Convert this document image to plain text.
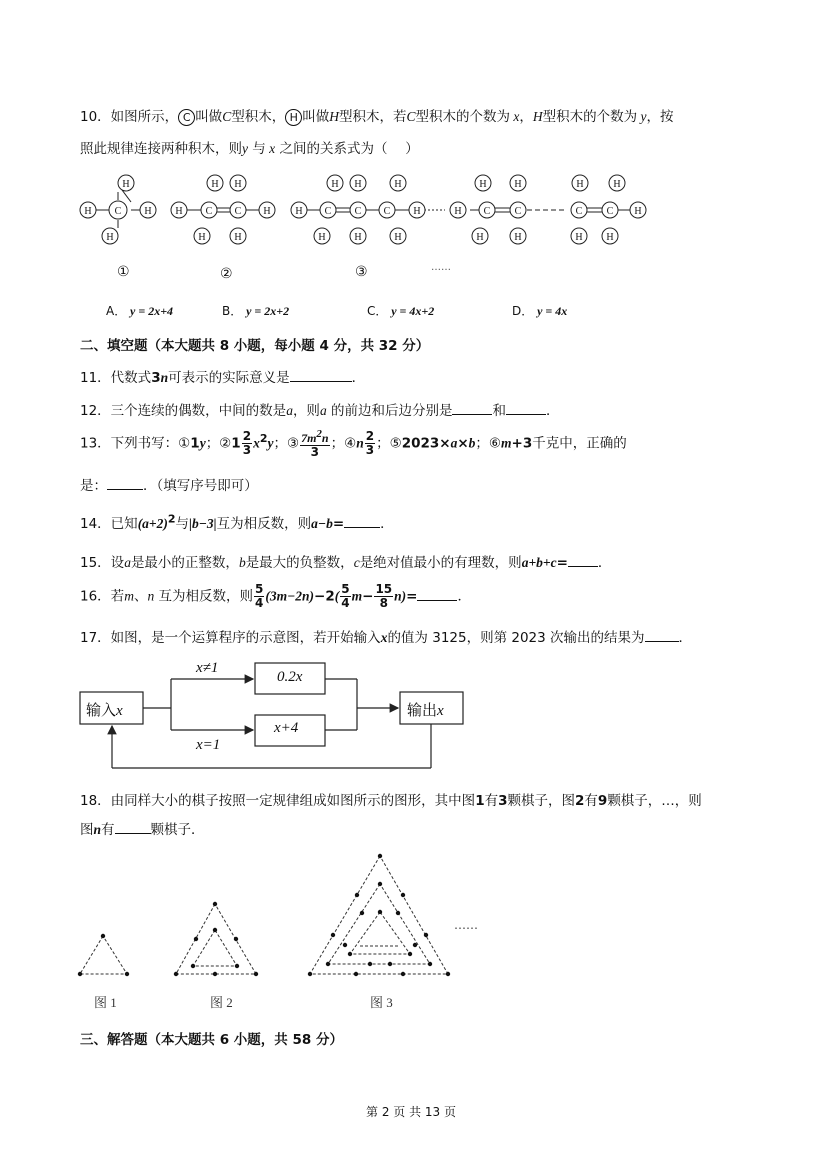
10．如图所示， C 叫做C型积木， H 叫做H型积木，若C型积木的个数为 x，H型积木的个数为 y，按
照此规律连接两种积木，则y 与 x 之间的关系式为（　 ）
H C H
H
H
H C C H
H H
H	H
H C C C H
H H	H
H	H	H
H C C	C C H
H	H	H	H
H	H	H H
①	②	③	……
A． y = 2x+4	B． y = 2x+2	C． y = 4x+2	D． y = 4x
二、填空题（本大题共 8 小题，每小题 4 分，共 32 分）
11．代数式3n可表示的实际意义是	．
12．三个连续的偶数，中间的数是a，则a 的前边和后边分别是	和	．
13．下列书写：①1y；②1 $\frac{2}{3} x^2y$；③ $\frac{7m^2n}{3}$ ；④n $\frac{2}{3}$ ；⑤2023×a×b；⑥m+3千克中，正确的
是：	．（填写序号即可）
14．已知$(a+2)^2$与|b−3|互为相反数，则a−b=	．
15．设a是最小的正整数，b是最大的负整数，c是绝对值最小的有理数，则a+b+c= ．
16．若m、n 互为相反数，则 $\frac{5}{4} (3m-2n)-2( \frac{5}{4} m- \frac{15}{8} n)=$	．
17．如图，是一个运算程序的示意图，若开始输入x的值为 3125，则第 2023 次输出的结果为	．
输入x
0.2x
x+4
输出x
x≠1
x=1
18．由同样大小的棋子按照一定规律组成如图所示的图形，其中图1有3颗棋子，图2有9颗棋子，…，则
图n有	颗棋子．
……
图 1	图 2	图 3
三、解答题（本大题共 6 小题，共 58 分）
第 2 页 共 13 页
